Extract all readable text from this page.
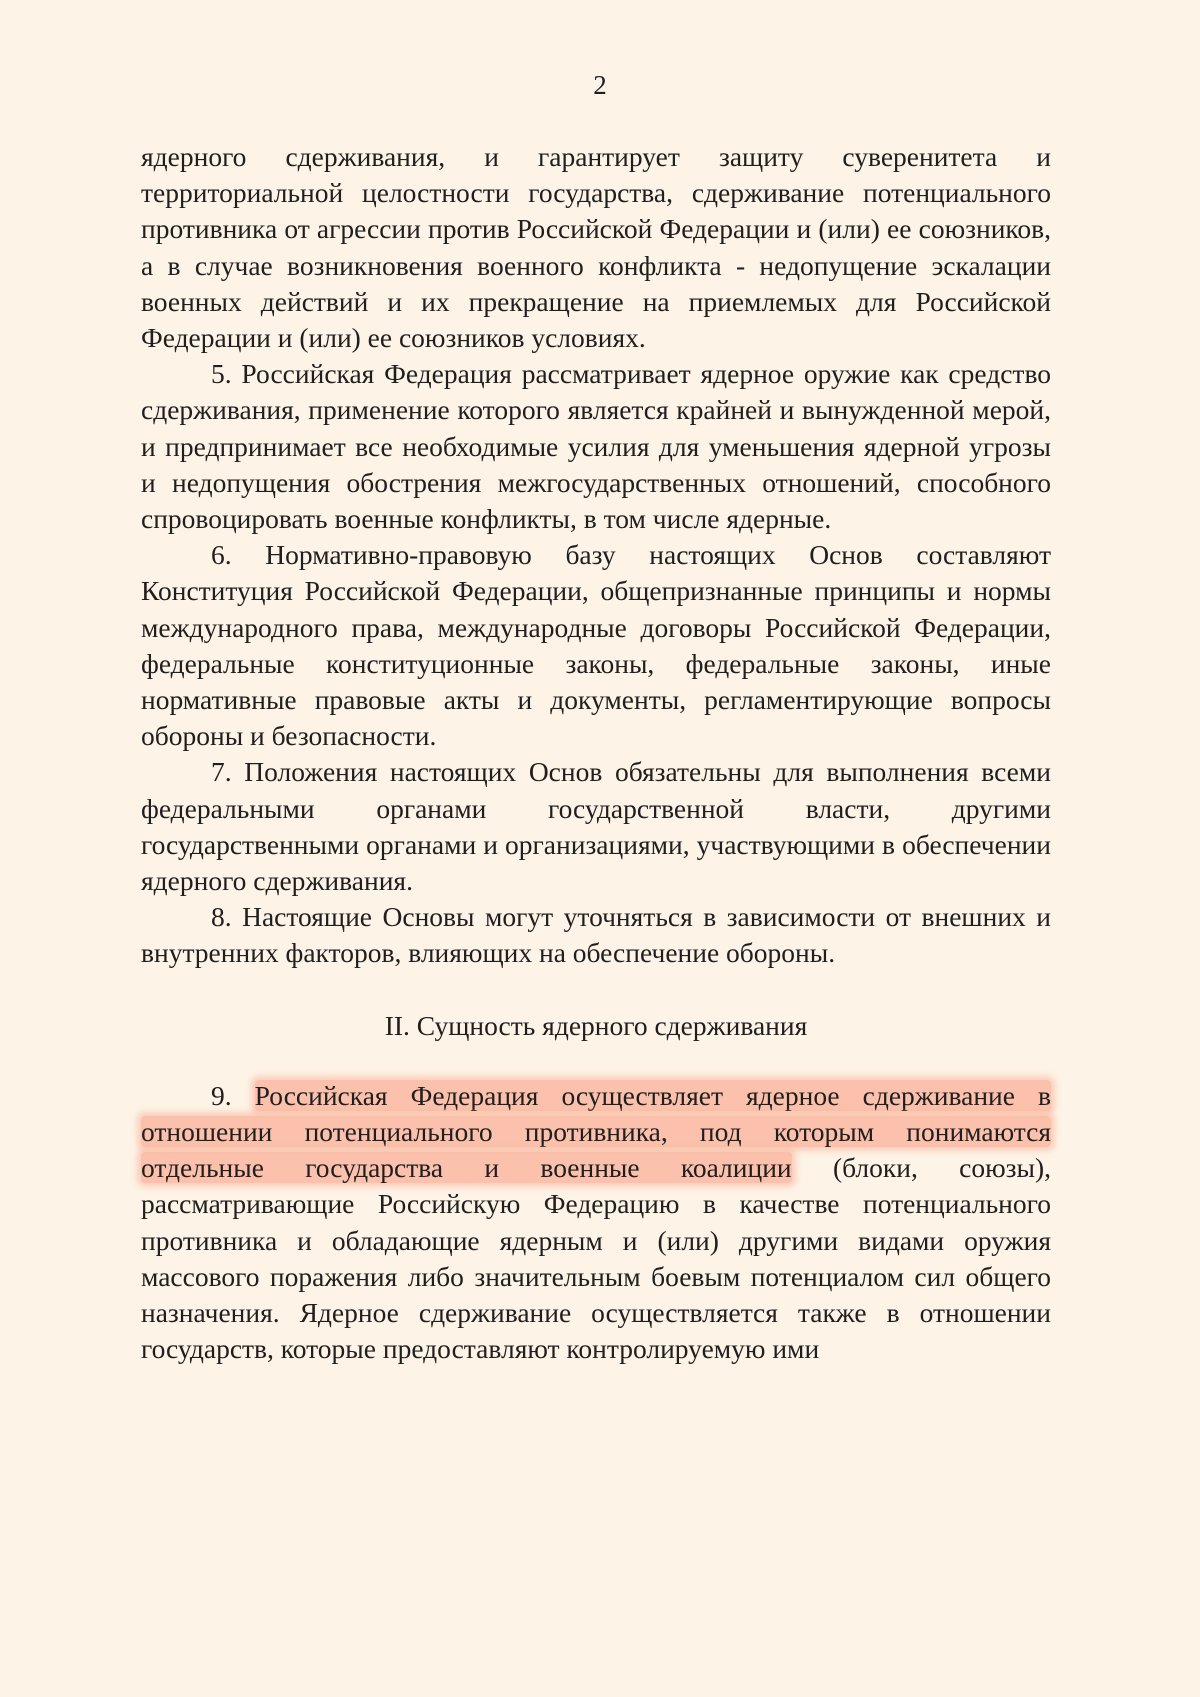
2

ядерного сдерживания, и гарантирует защиту суверенитета и территориальной целостности государства, сдерживание потенциального противника от агрессии против Российской Федерации и (или) ее союзников, а в случае возникновения военного конфликта - недопущение эскалации военных действий и их прекращение на приемлемых для Российской Федерации и (или) ее союзников условиях.

5. Российская Федерация рассматривает ядерное оружие как средство сдерживания, применение которого является крайней и вынужденной мерой, и предпринимает все необходимые усилия для уменьшения ядерной угрозы и недопущения обострения межгосударственных отношений, способного спровоцировать военные конфликты, в том числе ядерные.

6. Нормативно-правовую базу настоящих Основ составляют Конституция Российской Федерации, общепризнанные принципы и нормы международного права, международные договоры Российской Федерации, федеральные конституционные законы, федеральные законы, иные нормативные правовые акты и документы, регламентирующие вопросы обороны и безопасности.

7. Положения настоящих Основ обязательны для выполнения всеми федеральными органами государственной власти, другими государственными органами и организациями, участвующими в обеспечении ядерного сдерживания.

8. Настоящие Основы могут уточняться в зависимости от внешних и внутренних факторов, влияющих на обеспечение обороны.

II. Сущность ядерного сдерживания

9. Российская Федерация осуществляет ядерное сдерживание в отношении потенциального противника, под которым понимаются отдельные государства и военные коалиции (блоки, союзы), рассматривающие Российскую Федерацию в качестве потенциального противника и обладающие ядерным и (или) другими видами оружия массового поражения либо значительным боевым потенциалом сил общего назначения. Ядерное сдерживание осуществляется также в отношении государств, которые предоставляют контролируемую ими
